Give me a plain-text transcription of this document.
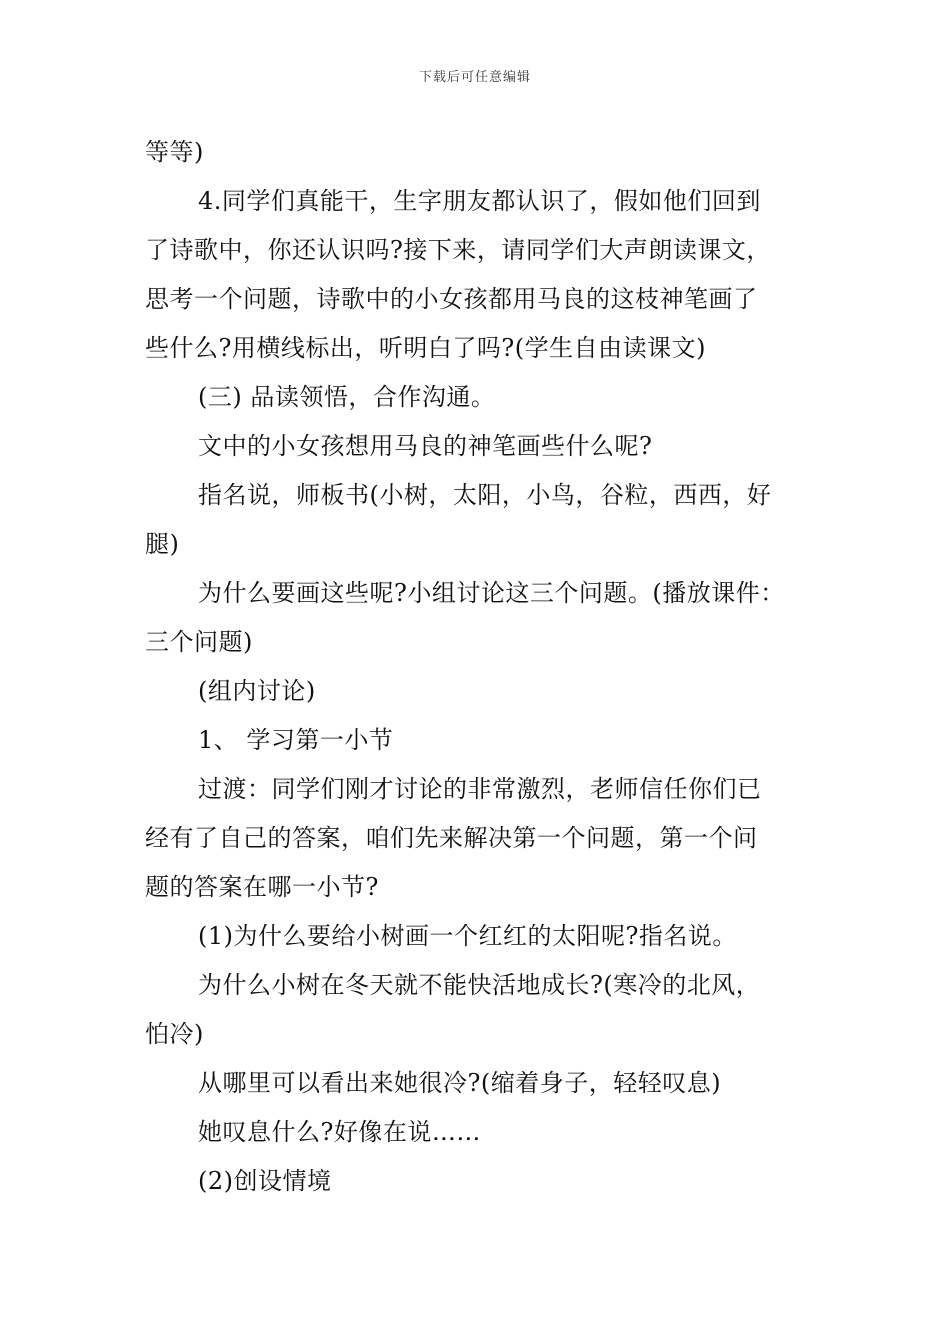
下载后可任意编辑
等等)
4.同学们真能干，生字朋友都认识了，假如他们回到
了诗歌中，你还认识吗?接下来，请同学们大声朗读课文，
思考一个问题，诗歌中的小女孩都用马良的这枝神笔画了
些什么?用横线标出，听明白了吗?(学生自由读课文)
(三) 品读领悟，合作沟通。
文中的小女孩想用马良的神笔画些什么呢?
指名说，师板书(小树，太阳，小鸟，谷粒，西西，好
腿)
为什么要画这些呢?小组讨论这三个问题。(播放课件：
三个问题)
(组内讨论)
1、 学习第一小节
过渡：同学们刚才讨论的非常激烈，老师信任你们已
经有了自己的答案，咱们先来解决第一个问题，第一个问
题的答案在哪一小节?
(1)为什么要给小树画一个红红的太阳呢?指名说。
为什么小树在冬天就不能快活地成长?(寒冷的北风，
怕冷)
从哪里可以看出来她很冷?(缩着身子，轻轻叹息)
她叹息什么?好像在说……
(2)创设情境
